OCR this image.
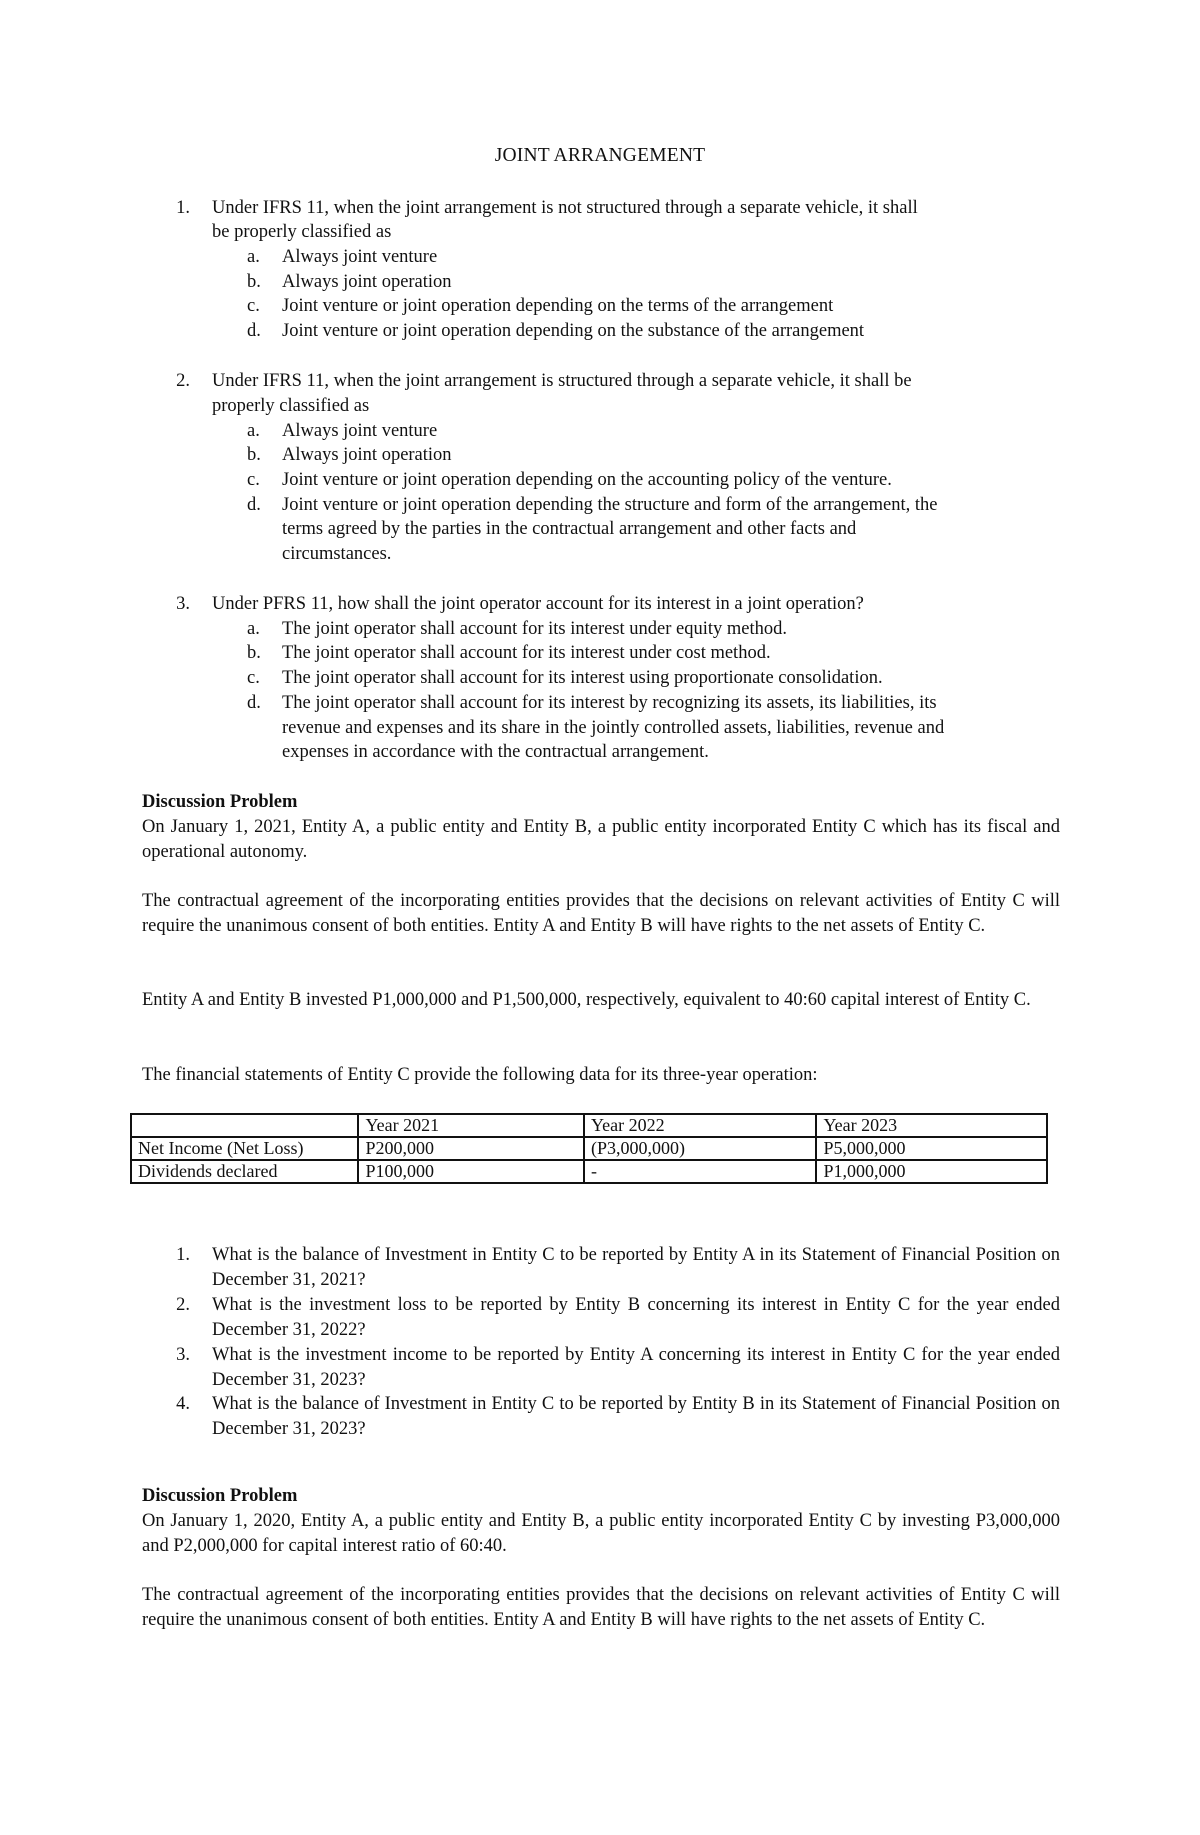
JOINT ARRANGEMENT
1. Under IFRS 11, when the joint arrangement is not structured through a separate vehicle, it shall
be properly classified as
a.	Always joint venture
b.	Always joint operation
c.	Joint venture or joint operation depending on the terms of the arrangement
d.	Joint venture or joint operation depending on the substance of the arrangement
2. Under IFRS 11, when the joint arrangement is structured through a separate vehicle, it shall be
properly classified as
a.	Always joint venture
b.	Always joint operation
c.	Joint venture or joint operation depending on the accounting policy of the venture.
d.	Joint venture or joint operation depending the structure and form of the arrangement, the
terms agreed by the parties in the contractual arrangement and other facts and
circumstances.
3. Under PFRS 11, how shall the joint operator account for its interest in a joint operation?
a.	The joint operator shall account for its interest under equity method.
b.	The joint operator shall account for its interest under cost method.
c.	The joint operator shall account for its interest using proportionate consolidation.
d.	The joint operator shall account for its interest by recognizing its assets, its liabilities, its
revenue and expenses and its share in the jointly controlled assets, liabilities, revenue and
expenses in accordance with the contractual arrangement.
Discussion Problem
On January 1, 2021, Entity A, a public entity and Entity B, a public entity incorporated Entity C which has its fiscal and operational autonomy.
The contractual agreement of the incorporating entities provides that the decisions on relevant activities of Entity C will require the unanimous consent of both entities. Entity A and Entity B will have rights to the net assets of Entity C.
Entity A and Entity B invested P1,000,000 and P1,500,000, respectively, equivalent to 40:60 capital interest of Entity C.
The financial statements of Entity C provide the following data for its three-year operation:
	Year 2021	Year 2022	Year 2023
Net Income (Net Loss)	P200,000	(P3,000,000)	P5,000,000
Dividends declared	P100,000	-	P1,000,000
1. What is the balance of Investment in Entity C to be reported by Entity A in its Statement of Financial Position on December 31, 2021?
2. What is the investment loss to be reported by Entity B concerning its interest in Entity C for the year ended December 31, 2022?
3. What is the investment income to be reported by Entity A concerning its interest in Entity C for the year ended December 31, 2023?
4. What is the balance of Investment in Entity C to be reported by Entity B in its Statement of Financial Position on December 31, 2023?
Discussion Problem
On January 1, 2020, Entity A, a public entity and Entity B, a public entity incorporated Entity C by investing P3,000,000 and P2,000,000 for capital interest ratio of 60:40.
The contractual agreement of the incorporating entities provides that the decisions on relevant activities of Entity C will require the unanimous consent of both entities. Entity A and Entity B will have rights to the net assets of Entity C.
